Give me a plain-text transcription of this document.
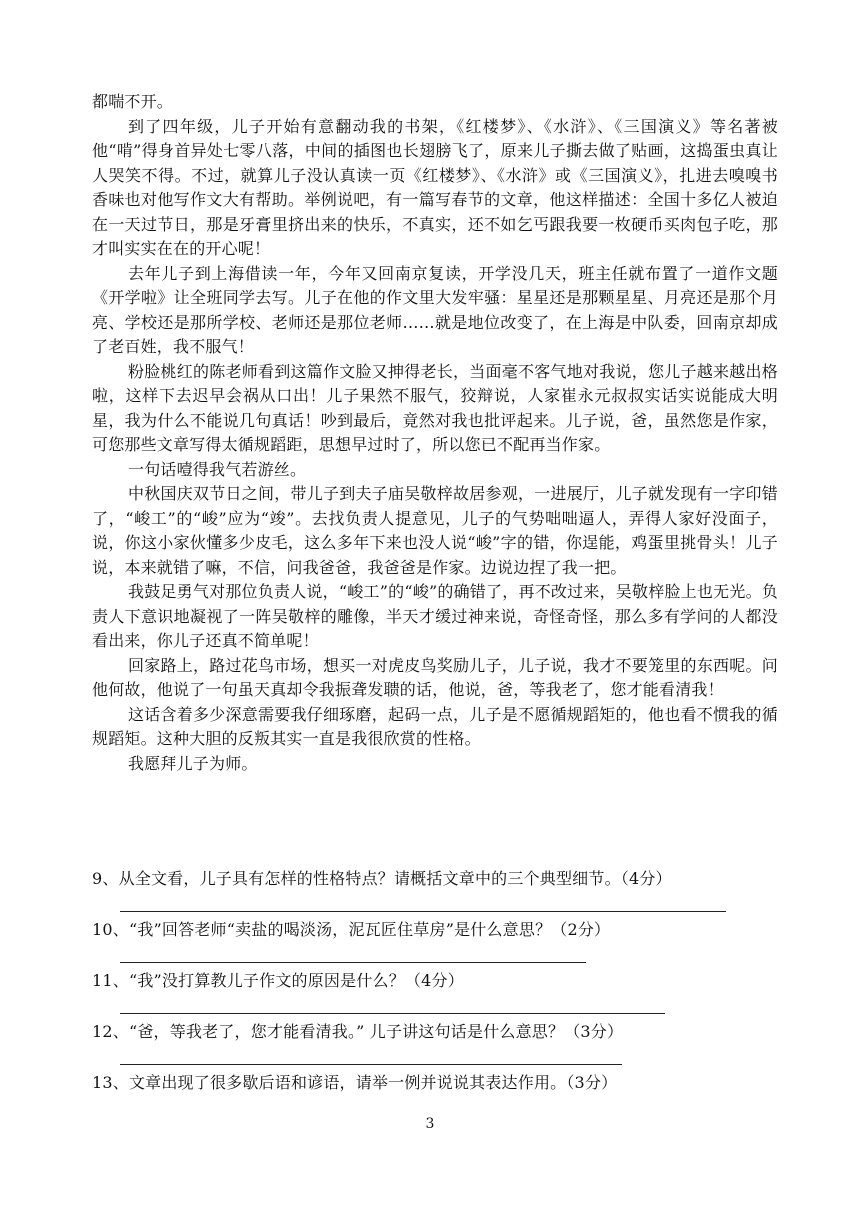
都喘不开。

到了四年级，儿子开始有意翻动我的书架，《红楼梦》、《水浒》、《三国演义》等名著被他“啃”得身首异处七零八落，中间的插图也长翅膀飞了，原来儿子撕去做了贴画，这捣蛋虫真让人哭笑不得。不过，就算儿子没认真读一页《红楼梦》、《水浒》或《三国演义》，扎进去嗅嗅书香味也对他写作文大有帮助。举例说吧，有一篇写春节的文章，他这样描述：全国十多亿人被迫在一天过节日，那是牙膏里挤出来的快乐，不真实，还不如乞丐跟我要一枚硬币买肉包子吃，那才叫实实在在的开心呢！

去年儿子到上海借读一年，今年又回南京复读，开学没几天，班主任就布置了一道作文题《开学啦》让全班同学去写。儿子在他的作文里大发牢骚：星星还是那颗星星、月亮还是那个月亮、学校还是那所学校、老师还是那位老师……就是地位改变了，在上海是中队委，回南京却成了老百姓，我不服气！

粉脸桃红的陈老师看到这篇作文脸又抻得老长，当面毫不客气地对我说，您儿子越来越出格啦，这样下去迟早会祸从口出！儿子果然不服气，狡辩说，人家崔永元叔叔实话实说能成大明星，我为什么不能说几句真话！吵到最后，竟然对我也批评起来。儿子说，爸，虽然您是作家，可您那些文章写得太循规蹈距，思想早过时了，所以您已不配再当作家。

一句话噎得我气若游丝。

中秋国庆双节日之间，带儿子到夫子庙吴敬梓故居参观，一进展厅，儿子就发现有一字印错了，“峻工”的“峻”应为“竣”。去找负责人提意见，儿子的气势咄咄逼人，弄得人家好没面子，说，你这小家伙懂多少皮毛，这么多年下来也没人说“峻”字的错，你逞能，鸡蛋里挑骨头！儿子说，本来就错了嘛，不信，问我爸爸，我爸爸是作家。边说边捏了我一把。

我鼓足勇气对那位负责人说，“峻工”的“峻”的确错了，再不改过来，吴敬梓脸上也无光。负责人下意识地凝视了一阵吴敬梓的雕像，半天才缓过神来说，奇怪奇怪，那么多有学问的人都没看出来，你儿子还真不简单呢！

回家路上，路过花鸟市场，想买一对虎皮鸟奖励儿子，儿子说，我才不要笼里的东西呢。问他何故，他说了一句虽天真却令我振聋发聩的话，他说，爸，等我老了，您才能看清我！

这话含着多少深意需要我仔细琢磨，起码一点，儿子是不愿循规蹈矩的，他也看不惯我的循规蹈矩。这种大胆的反叛其实一直是我很欣赏的性格。

我愿拜儿子为师。

9、从全文看，儿子具有怎样的性格特点？请概括文章中的三个典型细节。（4分）

10、“我”回答老师“卖盐的喝淡汤，泥瓦匠住草房”是什么意思？（2分）

11、“我”没打算教儿子作文的原因是什么？（4分）

12、“爸，等我老了，您才能看清我。” 儿子讲这句话是什么意思？（3分）

13、文章出现了很多歇后语和谚语，请举一例并说说其表达作用。（3分）

3
